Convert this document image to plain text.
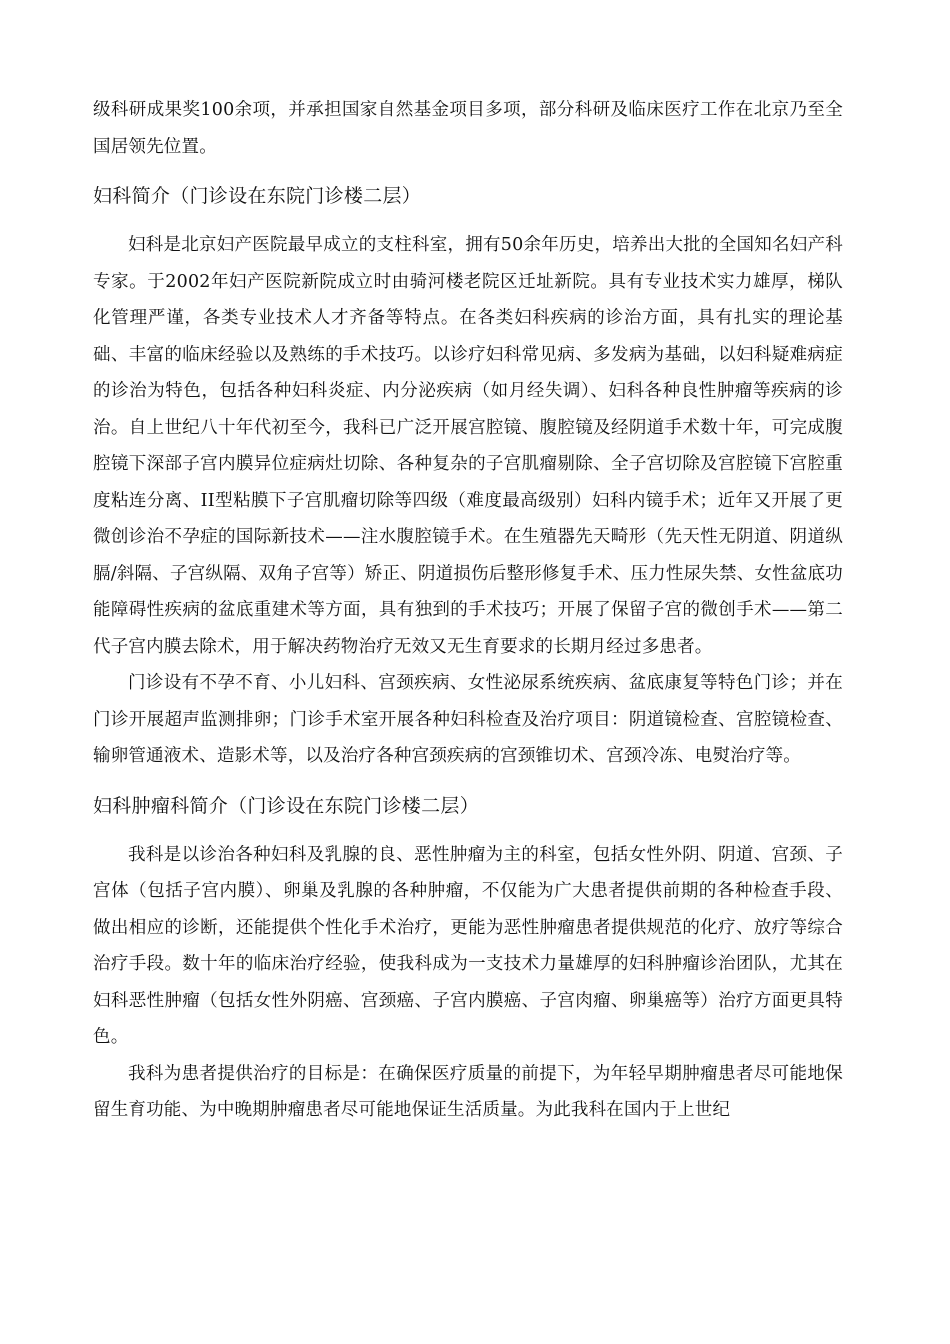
级科研成果奖100余项，并承担国家自然基金项目多项，部分科研及临床医疗工作在北京乃至全国居领先位置。

妇科简介（门诊设在东院门诊楼二层）

妇科是北京妇产医院最早成立的支柱科室，拥有50余年历史，培养出大批的全国知名妇产科专家。于2002年妇产医院新院成立时由骑河楼老院区迁址新院。具有专业技术实力雄厚，梯队化管理严谨，各类专业技术人才齐备等特点。在各类妇科疾病的诊治方面，具有扎实的理论基础、丰富的临床经验以及熟练的手术技巧。以诊疗妇科常见病、多发病为基础，以妇科疑难病症的诊治为特色，包括各种妇科炎症、内分泌疾病（如月经失调）、妇科各种良性肿瘤等疾病的诊治。自上世纪八十年代初至今，我科已广泛开展宫腔镜、腹腔镜及经阴道手术数十年，可完成腹腔镜下深部子宫内膜异位症病灶切除、各种复杂的子宫肌瘤剔除、全子宫切除及宫腔镜下宫腔重度粘连分离、II型粘膜下子宫肌瘤切除等四级（难度最高级别）妇科内镜手术；近年又开展了更微创诊治不孕症的国际新技术——注水腹腔镜手术。在生殖器先天畸形（先天性无阴道、阴道纵膈/斜隔、子宫纵隔、双角子宫等）矫正、阴道损伤后整形修复手术、压力性尿失禁、女性盆底功能障碍性疾病的盆底重建术等方面，具有独到的手术技巧；开展了保留子宫的微创手术——第二代子宫内膜去除术，用于解决药物治疗无效又无生育要求的长期月经过多患者。

门诊设有不孕不育、小儿妇科、宫颈疾病、女性泌尿系统疾病、盆底康复等特色门诊；并在门诊开展超声监测排卵；门诊手术室开展各种妇科检查及治疗项目：阴道镜检查、宫腔镜检查、输卵管通液术、造影术等，以及治疗各种宫颈疾病的宫颈锥切术、宫颈冷冻、电熨治疗等。

妇科肿瘤科简介（门诊设在东院门诊楼二层）

我科是以诊治各种妇科及乳腺的良、恶性肿瘤为主的科室，包括女性外阴、阴道、宫颈、子宫体（包括子宫内膜）、卵巢及乳腺的各种肿瘤，不仅能为广大患者提供前期的各种检查手段、做出相应的诊断，还能提供个性化手术治疗，更能为恶性肿瘤患者提供规范的化疗、放疗等综合治疗手段。数十年的临床治疗经验，使我科成为一支技术力量雄厚的妇科肿瘤诊治团队，尤其在妇科恶性肿瘤（包括女性外阴癌、宫颈癌、子宫内膜癌、子宫肉瘤、卵巢癌等）治疗方面更具特色。

我科为患者提供治疗的目标是：在确保医疗质量的前提下，为年轻早期肿瘤患者尽可能地保留生育功能、为中晚期肿瘤患者尽可能地保证生活质量。为此我科在国内于上世纪
